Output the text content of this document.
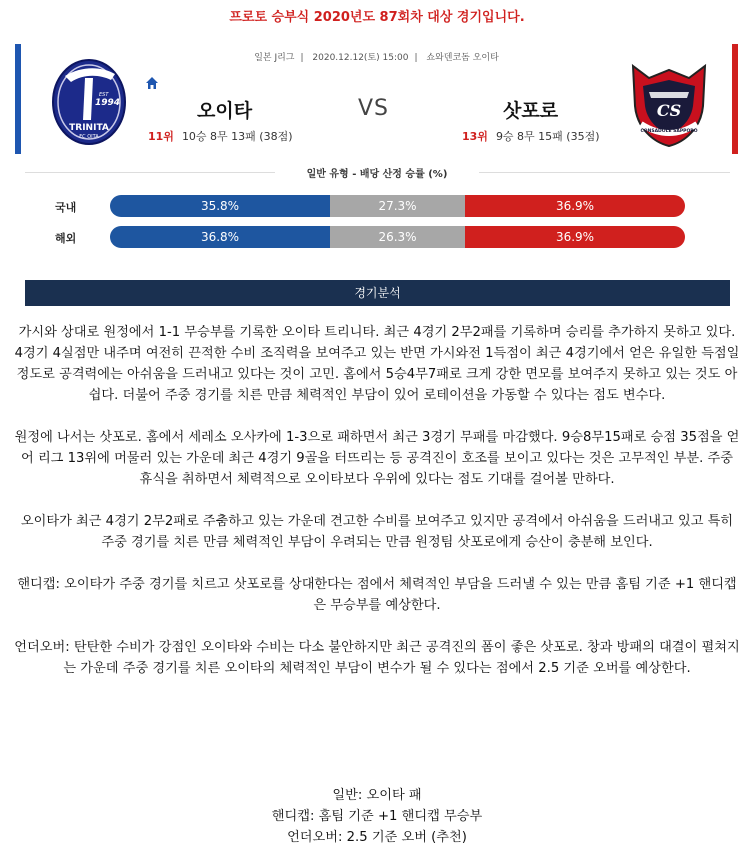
프로토 승부식 2020년도 87회차 대상 경기입니다.
일본 J리그 | 2020.12.12(토) 15:00 | 쇼와덴코돔 오이타
EST
1994
TRINITA
FC OITA
CS
CONSADOLE SAPPORO
오이타	VS	삿포로
11위 10승 8무 13패 (38점)	13위 9승 8무 15패 (35점)
일반 유형 - 배당 산정 승률 (%)
국내	35.8%	27.3%	36.9%
해외	36.8%	26.3%	36.9%
경기분석

가시와 상대로 원정에서 1-1 무승부를 기록한 오이타 트리니타. 최근 4경기 2무2패를 기록하며 승리를 추가하지 못하고 있다. 4경기 4실점만 내주며 여전히 끈적한 수비 조직력을 보여주고 있는 반면 가시와전 1득점이 최근 4경기에서 얻은 유일한 득점일 정도로 공격력에는 아쉬움을 드러내고 있다는 것이 고민. 홈에서 5승4무7패로 크게 강한 면모를 보여주지 못하고 있는 것도 아쉽다. 더불어 주중 경기를 치른 만큼 체력적인 부담이 있어 로테이션을 가동할 수 있다는 점도 변수다.

원정에 나서는 삿포로. 홈에서 세레소 오사카에 1-3으로 패하면서 최근 3경기 무패를 마감했다. 9승8무15패로 승점 35점을 얻어 리그 13위에 머물러 있는 가운데 최근 4경기 9골을 터뜨리는 등 공격진이 호조를 보이고 있다는 것은 고무적인 부분. 주중 휴식을 취하면서 체력적으로 오이타보다 우위에 있다는 점도 기대를 걸어볼 만하다.

오이타가 최근 4경기 2무2패로 주춤하고 있는 가운데 견고한 수비를 보여주고 있지만 공격에서 아쉬움을 드러내고 있고 특히 주중 경기를 치른 만큼 체력적인 부담이 우려되는 만큼 원정팀 삿포로에게 승산이 충분해 보인다.

핸디캡: 오이타가 주중 경기를 치르고 삿포로를 상대한다는 점에서 체력적인 부담을 드러낼 수 있는 만큼 홈팀 기준 +1 핸디캡은 무승부를 예상한다.

언더오버: 탄탄한 수비가 강점인 오이타와 수비는 다소 불안하지만 최근 공격진의 폼이 좋은 삿포로. 창과 방패의 대결이 펼쳐지는 가운데 주중 경기를 치른 오이타의 체력적인 부담이 변수가 될 수 있다는 점에서 2.5 기준 오버를 예상한다.

일반: 오이타 패
핸디캡: 홈팀 기준 +1 핸디캡 무승부
언더오버: 2.5 기준 오버 (추천)
